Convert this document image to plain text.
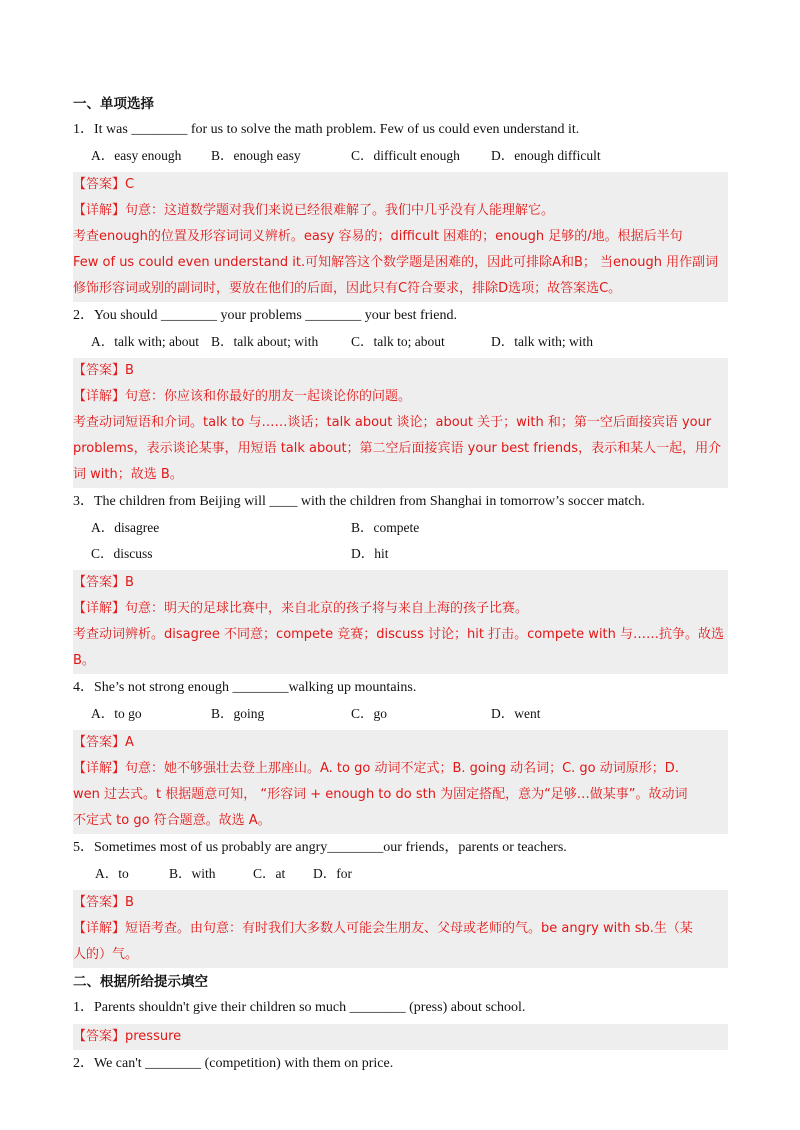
一、单项选择
1．It was ________ for us to solve the math problem. Few of us could even understand it.
A．easy enough B．enough easy	C．difficult enough D．enough difficult
【答案】C
【详解】句意：这道数学题对我们来说已经很难解了。我们中几乎没有人能理解它。
考查enough的位置及形容词词义辨析。easy 容易的；difficult 困难的；enough 足够的/地。根据后半句
Few of us could even understand it.可知解答这个数学题是困难的，因此可排除A和B； 当enough 用作副词
修饰形容词或别的副词时，要放在他们的后面，因此只有C符合要求，排除D选项；故答案选C。
2．You should ________ your problems ________ your best friend.
A．talk with; about B．talk about; with C．talk to; about	D．talk with; with
【答案】B
【详解】句意：你应该和你最好的朋友一起谈论你的问题。
考查动词短语和介词。talk to 与……谈话；talk about 谈论；about 关于；with 和；第一空后面接宾语 your
problems，表示谈论某事，用短语 talk about；第二空后面接宾语 your best friends，表示和某人一起，用介
词 with；故选 B。
3．The children from Beijing will ____ with the children from Shanghai in tomorrow’s soccer match.
A．disagree	B．compete
C．discuss	D．hit
【答案】B
【详解】句意：明天的足球比赛中，来自北京的孩子将与来自上海的孩子比赛。
考查动词辨析。disagree 不同意；compete 竞赛；discuss 讨论；hit 打击。compete with 与……抗争。故选
B。
4．She’s not strong enough ________walking up mountains.
A．to go	B．going	C．go	D．went
【答案】A
【详解】句意：她不够强壮去登上那座山。A. to go 动词不定式；B. going 动名词；C. go 动词原形；D.
wen 过去式。t 根据题意可知， “形容词 + enough to do sth 为固定搭配，意为“足够…做某事”。故动词
不定式 to go 符合题意。故选 A。
5．Sometimes most of us probably are angry________our friends，parents or teachers.
A．to	B．with	C．at D．for
【答案】B
【详解】短语考查。由句意：有时我们大多数人可能会生朋友、父母或老师的气。be angry with sb.生（某
人的）气。
二、根据所给提示填空
1．Parents shouldn't give their children so much ________ (press) about school.
【答案】pressure
2．We can't ________ (competition) with them on price.
